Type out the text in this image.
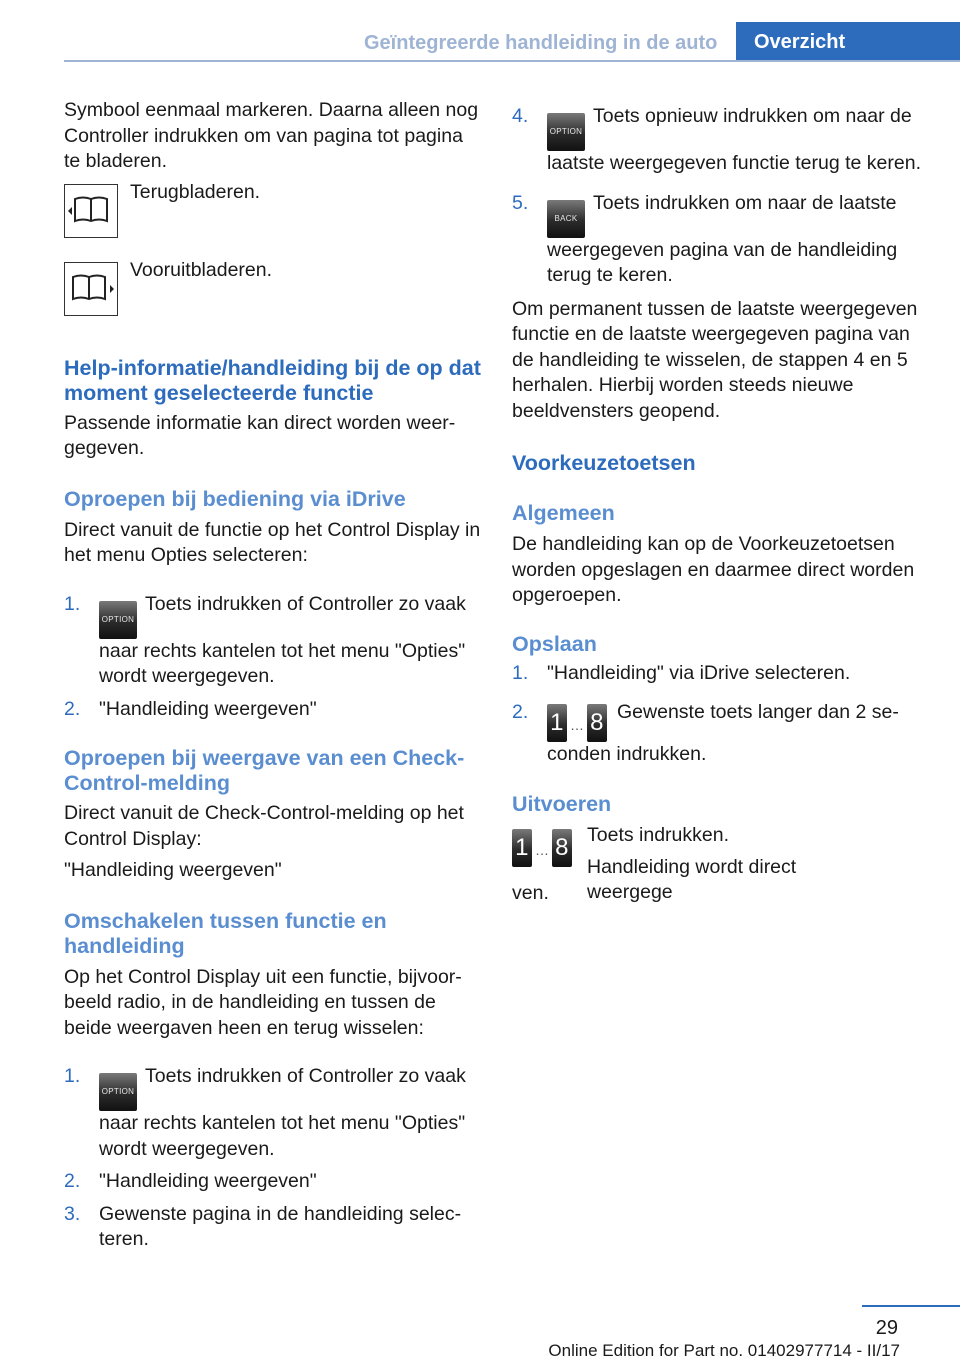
Geïntegreerde handleiding in de auto	Overzicht

Symbool eenmaal markeren. Daarna alleen nog Controller indrukken om van pagina tot pagina te bladeren.

Terugbladeren.

Vooruitbladeren.

Help-informatie/handleiding bij de op dat moment geselecteerde functie

Passende informatie kan direct worden weergegeven.

Oproepen bij bediening via iDrive

Direct vanuit de functie op het Control Display in het menu Opties selecteren:

1.
OPTIONToets indrukken of Controller zo vaak naar rechts kantelen tot het menu "Opties" wordt weergegeven.
2. "Handleiding weergeven"
Oproepen bij weergave van een Check-Control-melding

Direct vanuit de Check-Control-melding op het Control Display:

"Handleiding weergeven"

Omschakelen tussen functie en handleiding

Op het Control Display uit een functie, bijvoorbeeld radio, in de handleiding en tussen de beide weergaven heen en terug wisselen:

1.
OPTIONToets indrukken of Controller zo vaak naar rechts kantelen tot het menu "Opties" wordt weergegeven.
2. "Handleiding weergeven"
3. Gewenste pagina in de handleiding selecteren.
4.
OPTIONToets opnieuw indrukken om naar de laatste weergegeven functie terug te keren.
5.
BACKToets indrukken om naar de laatste weergegeven pagina van de handleiding terug te keren.

Om permanent tussen de laatste weergegeven functie en de laatste weergegeven pagina van de handleiding te wisselen, de stappen 4 en 5 herhalen. Hierbij worden steeds nieuwe beeldvensters geopend.

Voorkeuzetoetsen
Algemeen

De handleiding kan op de Voorkeuzetoetsen worden opgeslagen en daarmee direct worden opgeroepen.

Opslaan
1. "Handleiding" via iDrive selecteren.
2. 1 … 8 Gewenste toets langer dan 2 seconden indrukken.
Uitvoeren
1 … 8 Toets indrukken.

Handleiding wordt direct weergege

ven.

29
Online Edition for Part no. 01402977714 - II/17
